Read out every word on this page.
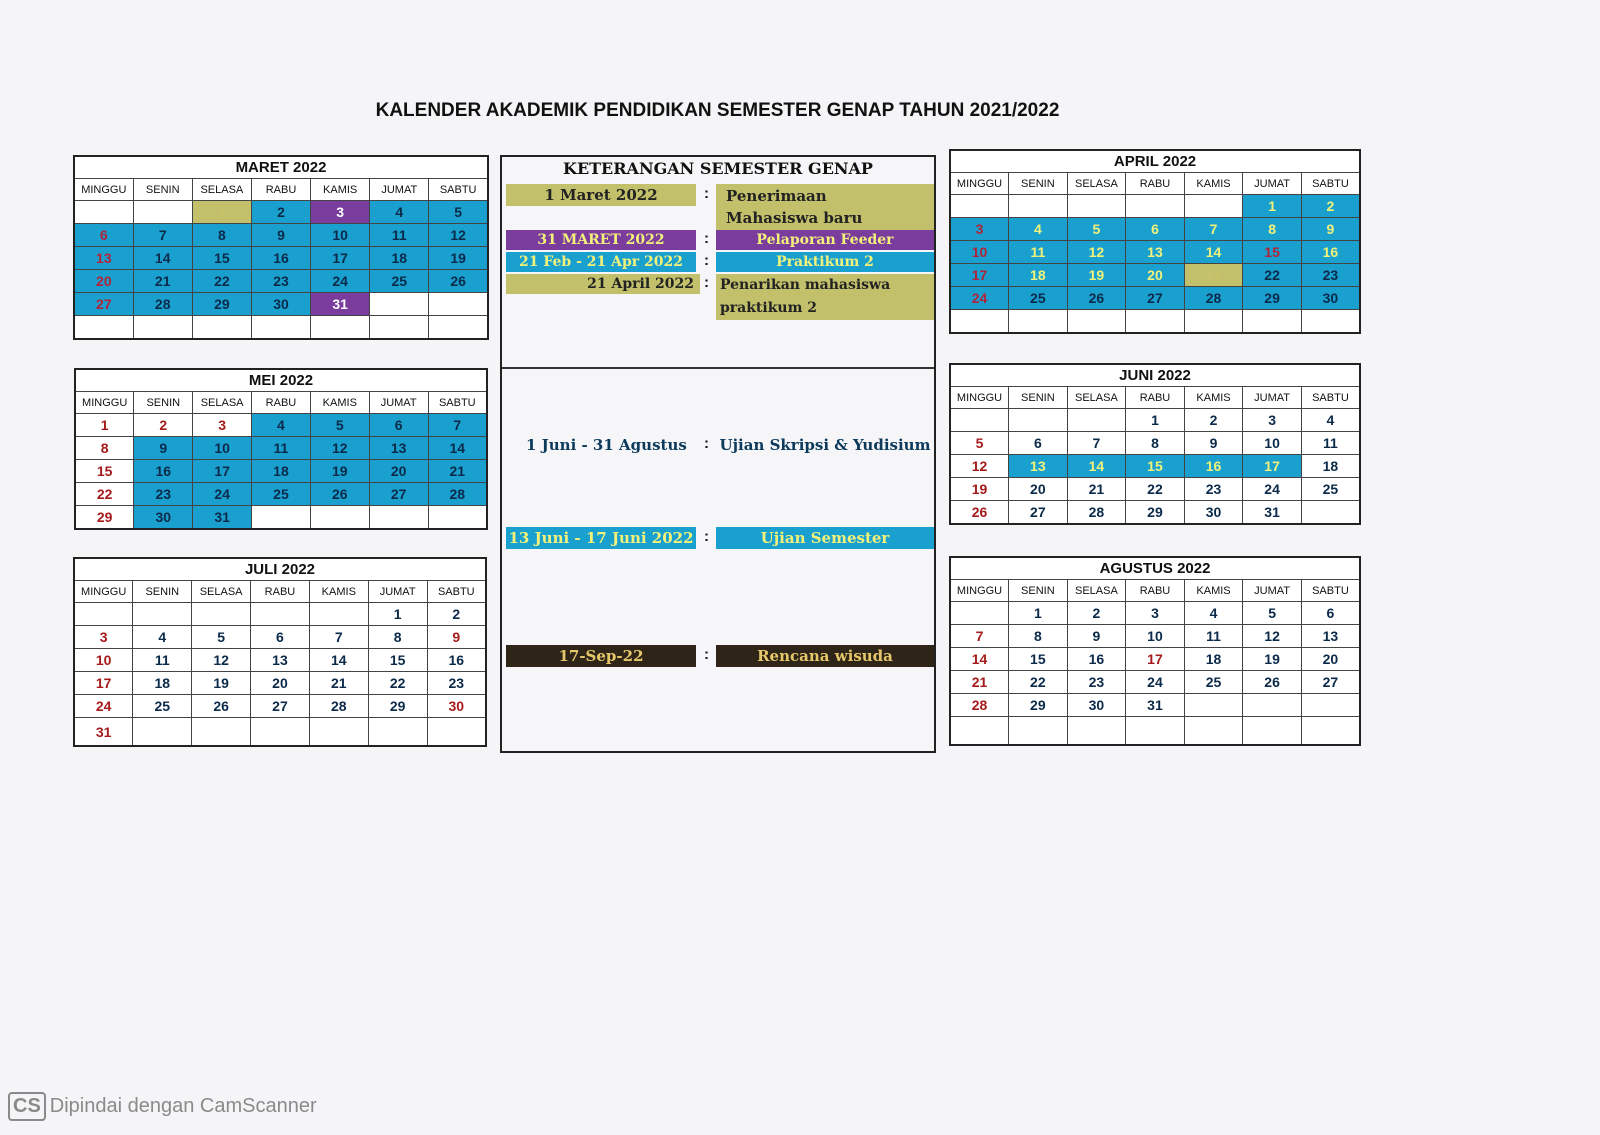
KALENDER AKADEMIK PENDIDIKAN SEMESTER GENAP TAHUN 2021/2022
MARET 2022						
MINGGU	SENIN	SELASA	RABU	KAMIS	JUMAT	SABTU
		1	2	3	4	5
6	7	8	9	10	11	12
13	14	15	16	17	18	19
20	21	22	23	24	25	26
27	28	29	30	31		

MEI 2022						
MINGGU	SENIN	SELASA	RABU	KAMIS	JUMAT	SABTU
1	2	3	4	5	6	7
8	9	10	11	12	13	14
15	16	17	18	19	20	21
22	23	24	25	26	27	28
29	30	31				
JULI 2022						
MINGGU	SENIN	SELASA	RABU	KAMIS	JUMAT	SABTU
					1	2
3	4	5	6	7	8	9
10	11	12	13	14	15	16
17	18	19	20	21	22	23
24	25	26	27	28	29	30
31						
APRIL 2022						
MINGGU	SENIN	SELASA	RABU	KAMIS	JUMAT	SABTU
					1	2
3	4	5	6	7	8	9
10	11	12	13	14	15	16
17	18	19	20	21	22	23
24	25	26	27	28	29	30

JUNI 2022						
MINGGU	SENIN	SELASA	RABU	KAMIS	JUMAT	SABTU
			1	2	3	4
5	6	7	8	9	10	11
12	13	14	15	16	17	18
19	20	21	22	23	24	25
26	27	28	29	30	31	
AGUSTUS 2022						
MINGGU	SENIN	SELASA	RABU	KAMIS	JUMAT	SABTU
	1	2	3	4	5	6
7	8	9	10	11	12	13
14	15	16	17	18	19	20
21	22	23	24	25	26	27
28	29	30	31			

KETERANGAN SEMESTER GENAP
1 Maret 2022	:	Penerimaan Mahasiswa baru
31 MARET 2022	:	Pelaporan Feeder
21 Feb - 21 Apr 2022	:	Praktikum 2
21 April 2022 : Penarikan mahasiswa praktikum 2
1 Juni - 31 Agustus	: Ujian Skripsi & Yudisium
13 Juni - 17 Juni 2022 :	Ujian Semester
17-Sep-22	:	Rencana wisuda
CS Dipindai dengan CamScanner
